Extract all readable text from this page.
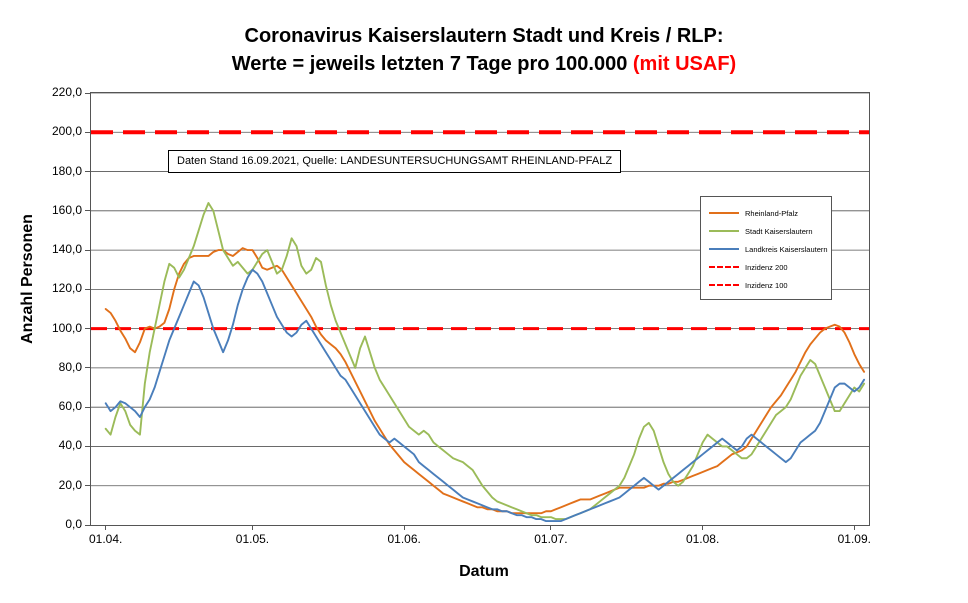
Coronavirus Kaiserslautern Stadt und Kreis / RLP:
Werte = jeweils letzten 7 Tage pro 100.000 (mit USAF)
Anzahl Personen
Datum
0,0
20,0
40,0
60,0
80,0
100,0
120,0
140,0
160,0
180,0
200,0
220,0
01.04.	01.05.	01.06.	01.07.	01.08.	01.09.
Daten Stand 16.09.2021, Quelle: LANDESUNTERSUCHUNGSAMT RHEINLAND-PFALZ
Rheinland-Pfalz
Stadt Kaiserslautern
Landkreis Kaiserslautern
Inzidenz 200
Inzidenz 100
